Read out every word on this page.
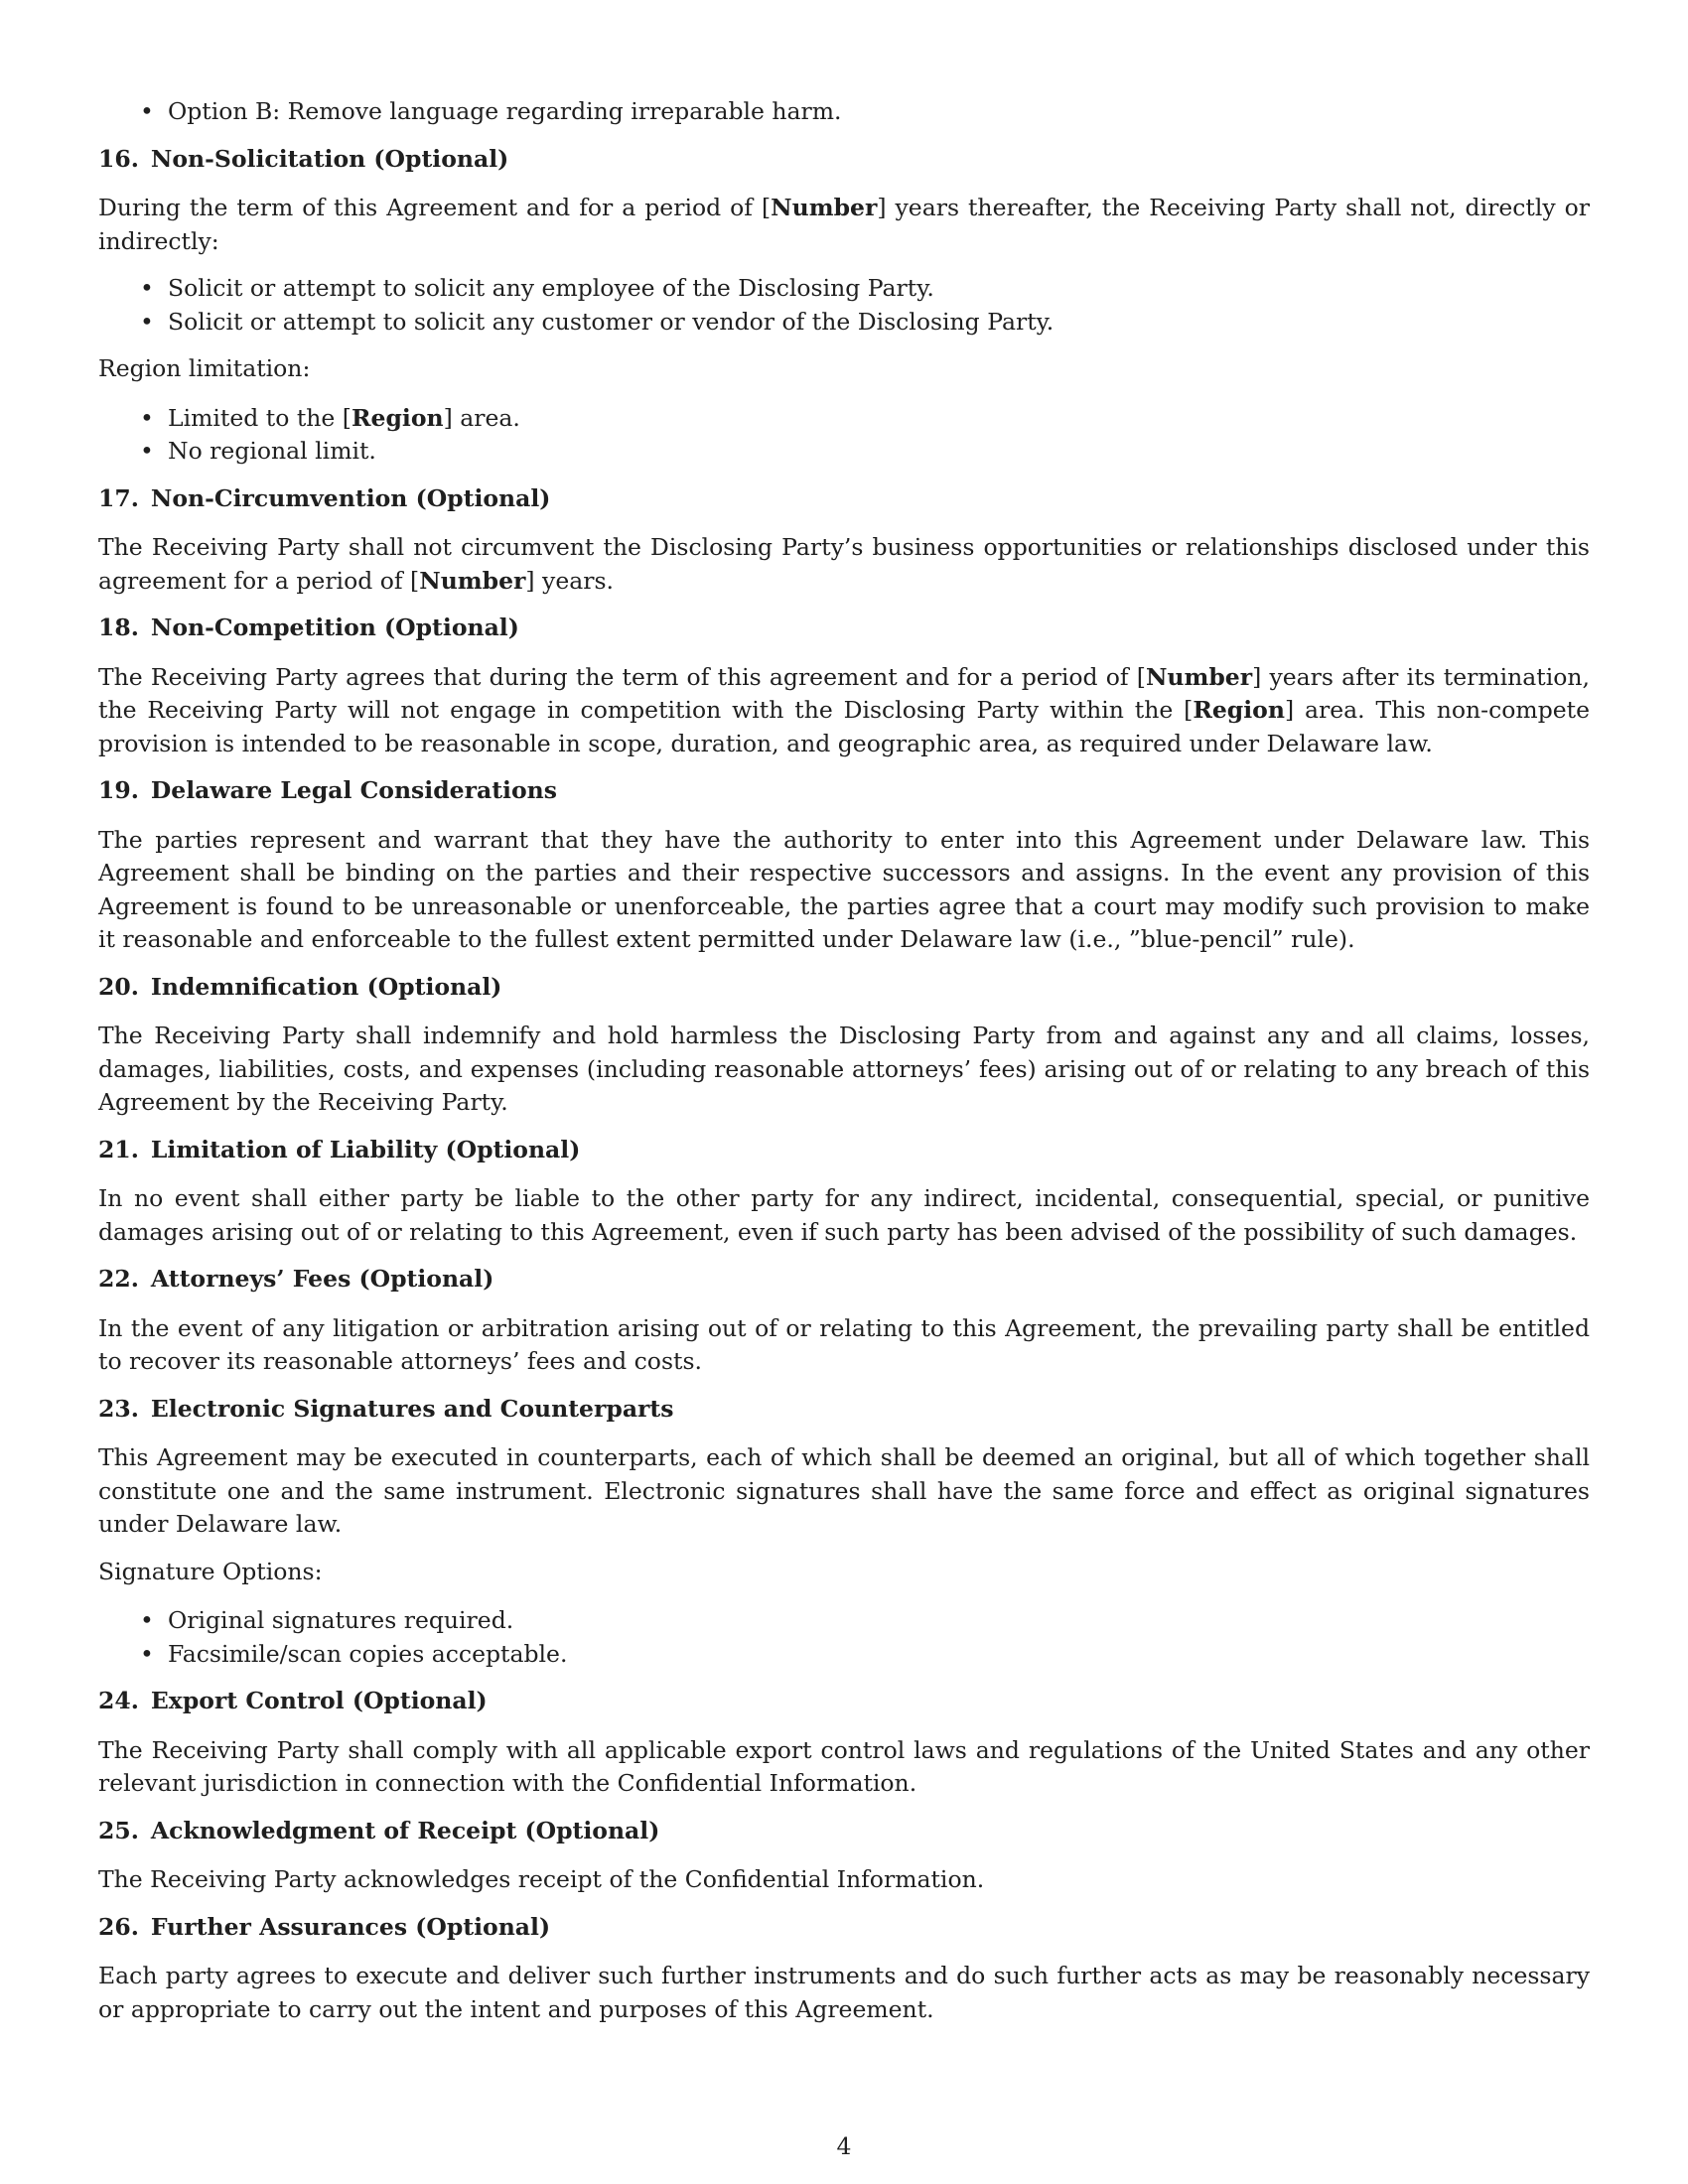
• Option B: Remove language regarding irreparable harm.
16. Non-Solicitation (Optional)

During the term of this Agreement and for a period of [Number] years thereafter, the Receiving Party shall not, directly or indirectly:

• Solicit or attempt to solicit any employee of the Disclosing Party.
• Solicit or attempt to solicit any customer or vendor of the Disclosing Party.

Region limitation:

• Limited to the [Region] area.
• No regional limit.
17. Non-Circumvention (Optional)

The Receiving Party shall not circumvent the Disclosing Party’s business opportunities or relationships disclosed under this agreement for a period of [Number] years.

18. Non-Competition (Optional)

The Receiving Party agrees that during the term of this agreement and for a period of [Number] years after its termination, the Receiving Party will not engage in competition with the Disclosing Party within the [Region] area. This non-compete provision is intended to be reasonable in scope, duration, and geographic area, as required under Delaware law.

19. Delaware Legal Considerations

The parties represent and warrant that they have the authority to enter into this Agreement under Delaware law. This Agreement shall be binding on the parties and their respective successors and assigns. In the event any provision of this Agreement is found to be unreasonable or unenforceable, the parties agree that a court may modify such provision to make it reasonable and enforceable to the fullest extent permitted under Delaware law (i.e., ”blue-pencil” rule).

20. Indemnification (Optional)

The Receiving Party shall indemnify and hold harmless the Disclosing Party from and against any and all claims, losses, damages, liabilities, costs, and expenses (including reasonable attorneys’ fees) arising out of or relating to any breach of this Agreement by the Receiving Party.

21. Limitation of Liability (Optional)

In no event shall either party be liable to the other party for any indirect, incidental, consequential, special, or punitive damages arising out of or relating to this Agreement, even if such party has been advised of the possibility of such damages.

22. Attorneys’ Fees (Optional)

In the event of any litigation or arbitration arising out of or relating to this Agreement, the prevailing party shall be entitled to recover its reasonable attorneys’ fees and costs.

23. Electronic Signatures and Counterparts

This Agreement may be executed in counterparts, each of which shall be deemed an original, but all of which together shall constitute one and the same instrument. Electronic signatures shall have the same force and effect as original signatures under Delaware law.

Signature Options:

• Original signatures required.
• Facsimile/scan copies acceptable.
24. Export Control (Optional)

The Receiving Party shall comply with all applicable export control laws and regulations of the United States and any other relevant jurisdiction in connection with the Confidential Information.

25. Acknowledgment of Receipt (Optional)

The Receiving Party acknowledges receipt of the Confidential Information.

26. Further Assurances (Optional)

Each party agrees to execute and deliver such further instruments and do such further acts as may be reasonably necessary or appropriate to carry out the intent and purposes of this Agreement.

4
